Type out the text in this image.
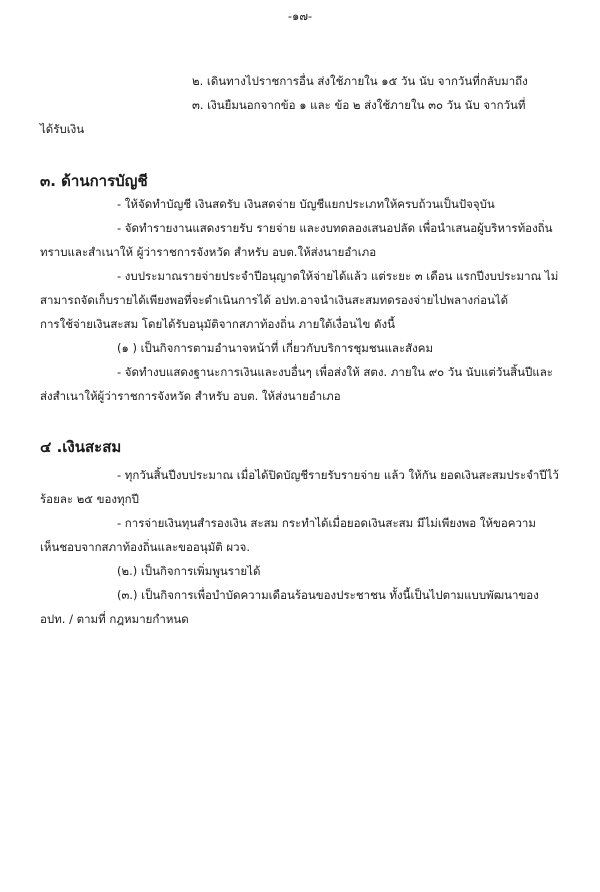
-๑๗-
๒. เดินทางไปราชการอื่น ส่งใช้ภายใน ๑๕ วัน นับ จากวันที่กลับมาถึง
๓. เงินยืมนอกจากข้อ ๑ และ ข้อ ๒ ส่งใช้ภายใน ๓๐ วัน นับ จากวันที่
ได้รับเงิน
๓. ด้านการบัญชี
- ให้จัดทำบัญชี เงินสดรับ เงินสดจ่าย บัญชีแยกประเภทให้ครบถ้วนเป็นปัจจุบัน
- จัดทำรายงานแสดงรายรับ รายจ่าย และงบทดลองเสนอปลัด เพื่อนำเสนอผู้บริหารท้องถิ่น
ทราบและสำเนาให้ ผู้ว่าราชการจังหวัด สำหรับ อบต.ให้ส่งนายอำเภอ
- งบประมาณรายจ่ายประจำปีอนุญาตให้จ่ายได้แล้ว แต่ระยะ ๓ เดือน แรกปีงบประมาณ ไม่
สามารถจัดเก็บรายได้เพียงพอที่จะดำเนินการได้ อปท.อาจนำเงินสะสมทดรองจ่ายไปพลางก่อนได้
การใช้จ่ายเงินสะสม โดยได้รับอนุมัติจากสภาท้องถิ่น ภายใต้เงื่อนไข ดังนี้
(๑ ) เป็นกิจการตามอำนาจหน้าที่ เกี่ยวกับบริการชุมชนและสังคม
- จัดทำงบแสดงฐานะการเงินและงบอื่นๆ เพื่อส่งให้ สตง. ภายใน ๙๐ วัน นับแต่วันสิ้นปีและ
ส่งสำเนาให้ผู้ว่าราชการจังหวัด สำหรับ อบต. ให้ส่งนายอำเภอ
๔ .เงินสะสม
- ทุกวันสิ้นปีงบประมาณ เมื่อได้ปิดบัญชีรายรับรายจ่าย แล้ว ให้กัน ยอดเงินสะสมประจำปีไว้
ร้อยละ ๒๕ ของทุกปี
- การจ่ายเงินทุนสำรองเงิน สะสม กระทำได้เมื่อยอดเงินสะสม มีไม่เพียงพอ ให้ขอความ
เห็นชอบจากสภาท้องถิ่นและขออนุมัติ ผวจ.
(๒.) เป็นกิจการเพิ่มพูนรายได้
(๓.) เป็นกิจการเพื่อบำบัดความเดือนร้อนของประชาชน ทั้งนี้เป็นไปตามแบบพัฒนาของ
อปท. / ตามที่ กฎหมายกำหนด
